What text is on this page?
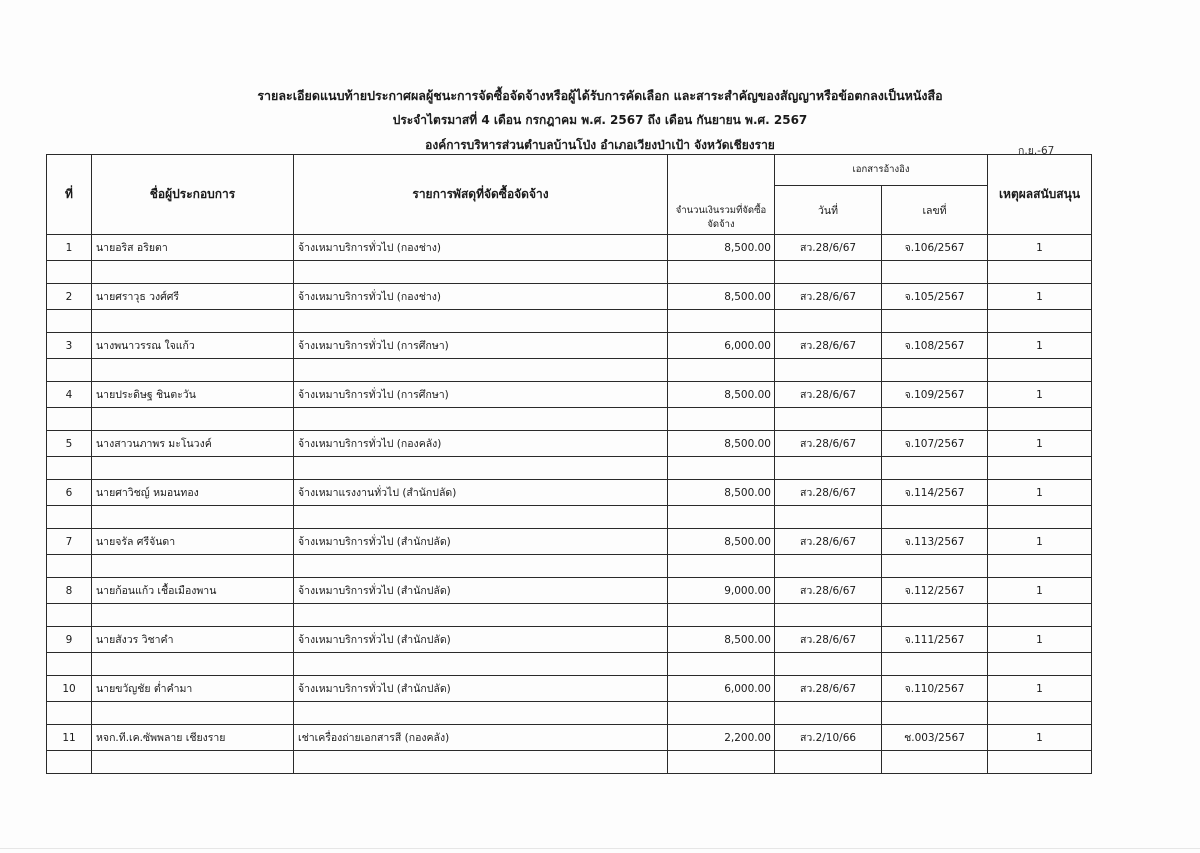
รายละเอียดแนบท้ายประกาศผลผู้ชนะการจัดซื้อจัดจ้างหรือผู้ได้รับการคัดเลือก และสาระสำคัญของสัญญาหรือข้อตกลงเป็นหนังสือ
ประจำไตรมาสที่ 4 เดือน กรกฎาคม พ.ศ. 2567 ถึง เดือน กันยายน พ.ศ. 2567
องค์การบริหารส่วนตำบลบ้านโป่ง อำเภอเวียงป่าเป้า จังหวัดเชียงราย	ก.ย.-67
ที่	ชื่อผู้ประกอบการ	รายการพัสดุที่จัดซื้อจัดจ้าง	จำนวนเงินรวมที่จัดซื้อจัดจ้าง	เอกสารอ้างอิง		เหตุผลสนับสนุน
				วันที่	เลขที่	
1	นายอริส อริยตา	จ้างเหมาบริการทั่วไป (กองช่าง)	8,500.00	สว.28/6/67	จ.106/2567	1

2	นายศราวุธ วงศ์ศรี	จ้างเหมาบริการทั่วไป (กองช่าง)	8,500.00	สว.28/6/67	จ.105/2567	1

3	นางพนาวรรณ ใจแก้ว	จ้างเหมาบริการทั่วไป (การศึกษา)	6,000.00	สว.28/6/67	จ.108/2567	1

4	นายประดิษฐ ชินตะวัน	จ้างเหมาบริการทั่วไป (การศึกษา)	8,500.00	สว.28/6/67	จ.109/2567	1

5	นางสาวนภาพร มะโนวงค์	จ้างเหมาบริการทั่วไป (กองคลัง)	8,500.00	สว.28/6/67	จ.107/2567	1

6	นายศาวิชญ์ หมอนทอง	จ้างเหมาแรงงานทั่วไป (สำนักปลัด)	8,500.00	สว.28/6/67	จ.114/2567	1

7	นายจรัล ศรีจันดา	จ้างเหมาบริการทั่วไป (สำนักปลัด)	8,500.00	สว.28/6/67	จ.113/2567	1

8	นายก้อนแก้ว เชื้อเมืองพาน	จ้างเหมาบริการทั่วไป (สำนักปลัด)	9,000.00	สว.28/6/67	จ.112/2567	1

9	นายสังวร วิชาคำ	จ้างเหมาบริการทั่วไป (สำนักปลัด)	8,500.00	สว.28/6/67	จ.111/2567	1

10	นายขวัญชัย ต่ำคำมา	จ้างเหมาบริการทั่วไป (สำนักปลัด)	6,000.00	สว.28/6/67	จ.110/2567	1

11	หจก.ที.เค.ซัพพลาย เชียงราย	เช่าเครื่องถ่ายเอกสารสี (กองคลัง)	2,200.00	สว.2/10/66	ช.003/2567	1
